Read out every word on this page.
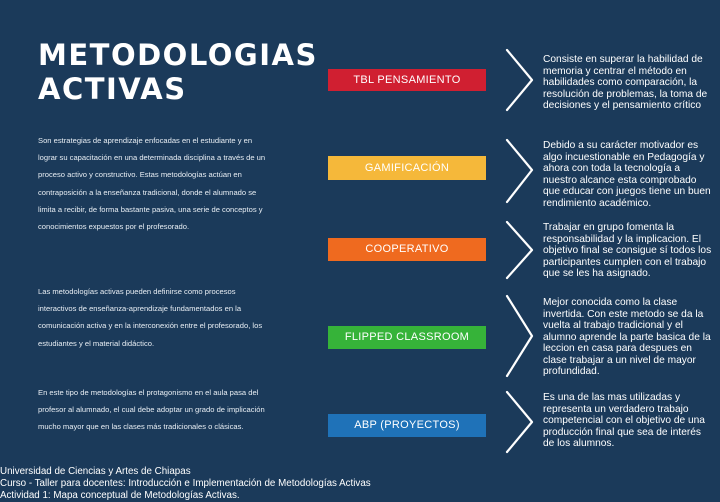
METODOLOGIAS
ACTIVAS

Son estrategias de aprendizaje enfocadas en el estudiante y en lograr su capacitación en una determinada disciplina a través de un proceso activo y constructivo. Estas metodologías actúan en contraposición a la enseñanza tradicional, donde el alumnado se limita a recibir, de forma bastante pasiva, una serie de conceptos y conocimientos expuestos por el profesorado.

Las metodologías activas pueden definirse como procesos interactivos de enseñanza-aprendizaje fundamentados en la comunicación activa y en la interconexión entre el profesorado, los estudiantes y el material didáctico.

En este tipo de metodologías el protagonismo en el aula pasa del profesor al alumnado, el cual debe adoptar un grado de implicación mucho mayor que en las clases más tradicionales o clásicas.

TBL PENSAMIENTO
GAMIFICACIÓN
COOPERATIVO
FLIPPED CLASSROOM
ABP (PROYECTOS)

Consiste en superar la habilidad de memoria y centrar el método en habilidades como comparación, la resolución de problemas, la toma de decisiones y el pensamiento crítico

Debido a su carácter motivador es algo incuestionable en Pedagogía y ahora con toda la tecnología a nuestro alcance esta comprobado que educar con juegos tiene un buen rendimiento académico.

Trabajar en grupo fomenta la responsabilidad y la implicacion. El objetivo final se consigue sí todos los participantes cumplen con el trabajo que se les ha asignado.

Mejor conocida como la clase invertida. Con este metodo se da la vuelta al trabajo tradicional y el alumno aprende la parte basica de la leccion en casa para despues en clase trabajar a un nivel de mayor profundidad.

Es una de las mas utilizadas y representa un verdadero trabajo competencial con el objetivo de una producción final que sea de interés de los alumnos.

Universidad de Ciencias y Artes de Chiapas
Curso - Taller para docentes: Introducción e Implementación de Metodologías Activas
Actividad 1: Mapa conceptual de Metodologías Activas.
